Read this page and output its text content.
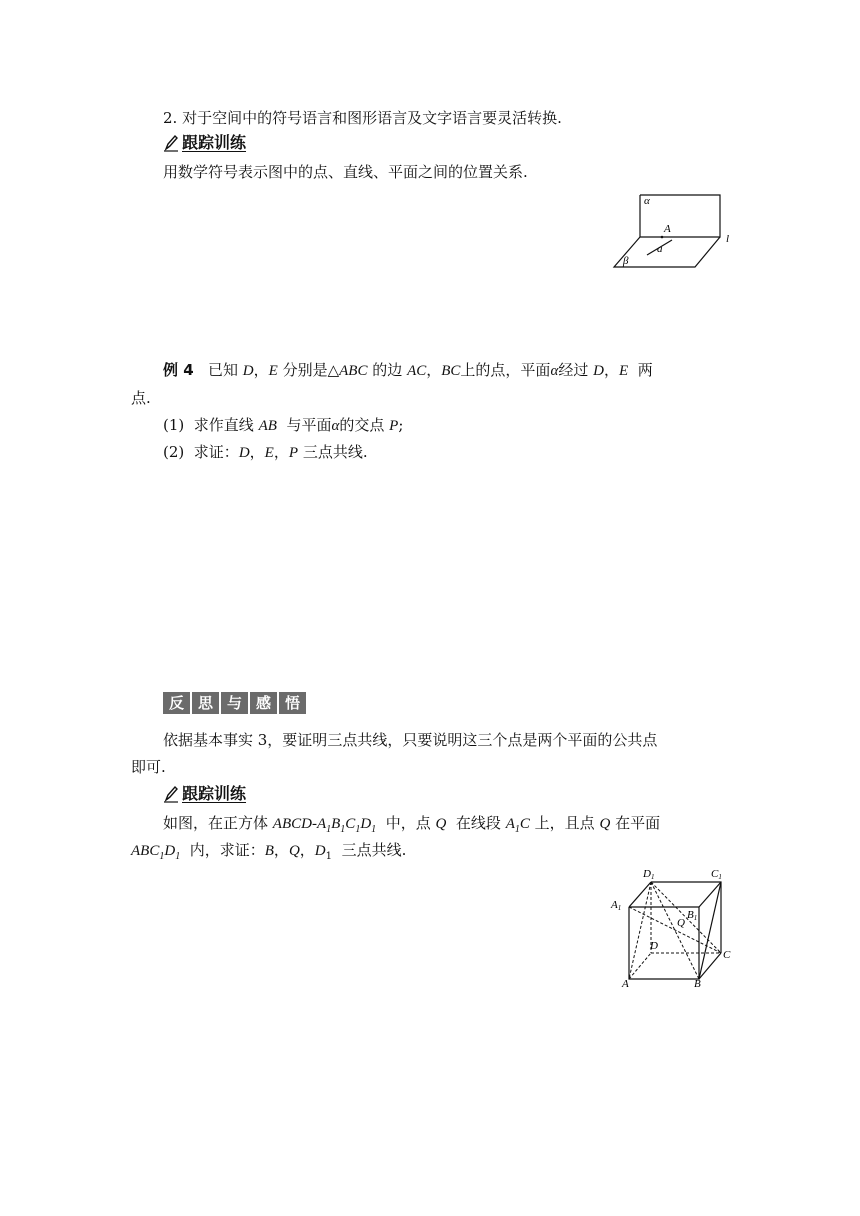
2. 对于空间中的符号语言和图形语言及文字语言要灵活转换.
跟踪训练
用数学符号表示图中的点、直线、平面之间的位置关系.
α
A
a
l
β
例 4 已知 D，E 分别是△ABC 的边 AC，BC上的点，平面α经过 D，E 两
点.
(1) 求作直线 AB 与平面α的交点 P;
(2) 求证：D，E，P 三点共线.
反 思 与 感 悟
依据基本事实 3，要证明三点共线，只要说明这三个点是两个平面的公共点
即可.
跟踪训练
如图，在正方体 ABCD-$A_1B_1C_1D_1$ 中，点 Q 在线段 $A_1C$ 上，且点 Q 在平面
$ABC_1D_1$ 内，求证：B，Q，$D_1$ 三点共线.
D1	C1
A1
B1
Q
D
C
A	B
